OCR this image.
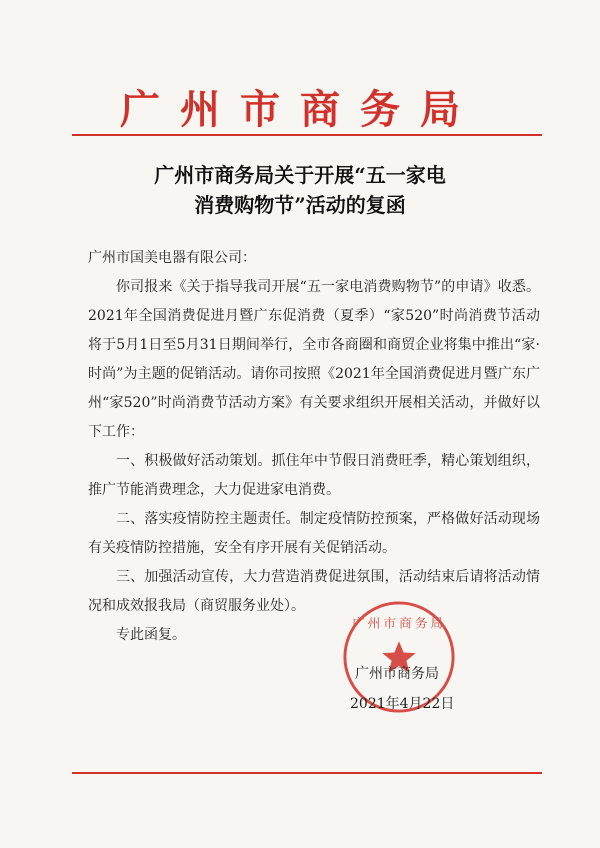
广州市商务局
广州市商务局关于开展“五一家电
消费购物节”活动的复函

广州市国美电器有限公司：

你司报来《关于指导我司开展“五一家电消费购物节”的申请》收悉。2021年全国消费促进月暨广东促消费（夏季）“家520”时尚消费节活动将于5月1日至5月31日期间举行，全市各商圈和商贸企业将集中推出“家·时尚”为主题的促销活动。请你司按照《2021年全国消费促进月暨广东广州“家520”时尚消费节活动方案》有关要求组织开展相关活动，并做好以下工作：

一、积极做好活动策划。抓住年中节假日消费旺季，精心策划组织，推广节能消费理念，大力促进家电消费。

二、落实疫情防控主题责任。制定疫情防控预案，严格做好活动现场有关疫情防控措施，安全有序开展有关促销活动。

三、加强活动宣传，大力营造消费促进氛围，活动结束后请将活动情况和成效报我局（商贸服务业处）。

专此函复。

广州市商务局
广州市商务局
2021年4月22日
